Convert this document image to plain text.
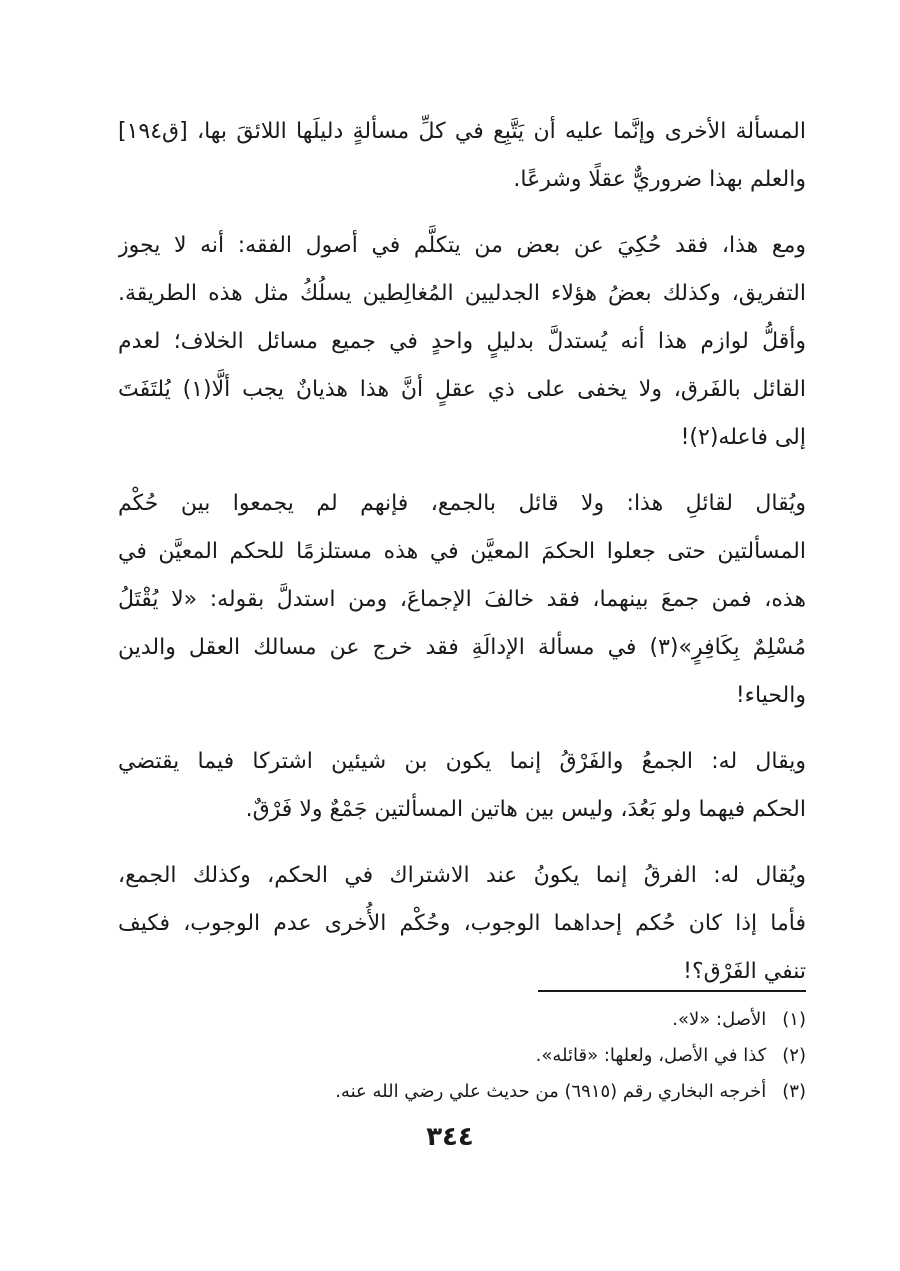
المسألة الأخرى وإنَّما عليه أن يَتَّبِع في كلِّ مسألةٍ دليلَها اللائقَ بها، [ق١٩٤]
والعلم بهذا ضروريٌّ عقلًا وشرعًا.
ومع هذا، فقد حُكِيَ عن بعض من يتكلَّم في أصول الفقه: أنه لا يجوز
التفريق، وكذلك بعضُ هؤلاء الجدليين المُغالِطين يسلُكُ مثل هذه الطريقة.
وأقلُّ لوازم هذا أنه يُستدلَّ بدليلٍ واحدٍ في جميع مسائل الخلاف؛ لعدم
القائل بالفَرق، ولا يخفى على ذي عقلٍ أنَّ هذا هذيانٌ يجب ألَّا(١) يُلتَفَتَ
إلى فاعله(٢)!
ويُقال لقائلِ هذا: ولا قائل بالجمع، فإنهم لم يجمعوا بين حُكْم
المسألتين حتى جعلوا الحكمَ المعيَّن في هذه مستلزمًا للحكم المعيَّن في
هذه، فمن جمعَ بينهما، فقد خالفَ الإجماعَ، ومن استدلَّ بقوله: «لا يُقْتَلُ
مُسْلِمٌ بِكَافِرٍ»(٣) في مسألة الإدالَةِ فقد خرج عن مسالك العقل والدين
والحياء!
ويقال له: الجمعُ والفَرْقُ إنما يكون بن شيئين اشتركا فيما يقتضي
الحكم فيهما ولو بَعُدَ، وليس بين هاتين المسألتين جَمْعٌ ولا فَرْقٌ.
ويُقال له: الفرقُ إنما يكونُ عند الاشتراك في الحكم، وكذلك الجمع،
فأما إذا كان حُكم إحداهما الوجوب، وحُكْم الأُخرى عدم الوجوب، فكيف
تنفي الفَرْق؟!
(١) الأصل: «لا».
(٢) كذا في الأصل، ولعلها: «قائله».
(٣) أخرجه البخاري رقم (٦٩١٥) من حديث علي رضي الله عنه.
٣٤٤
